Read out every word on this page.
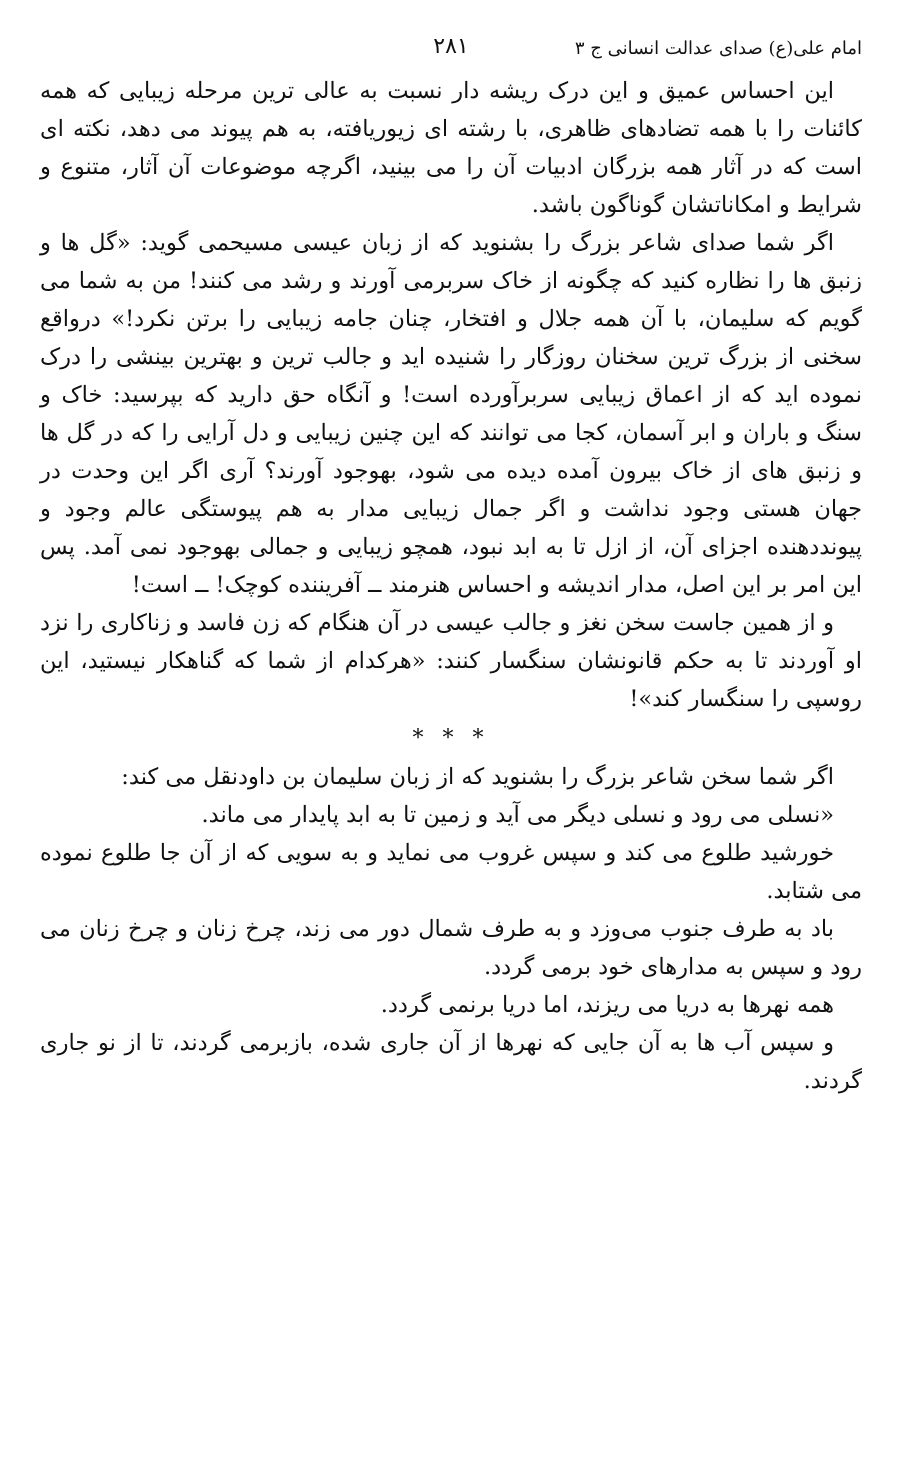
امام علی(ع) صدای عدالت انسانی ج ۳
۲۸۱

این احساس عمیق و این درک ریشه دار نسبت به عالی ترین مرحله زیبایی که همه کائنات را با همه تضادهای ظاهری، با رشته ای زیوریافته، به هم پیوند می دهد، نکته ای است که در آثار همه بزرگان ادبیات آن را می بینید، اگرچه موضوعات آن آثار، متنوع و شرایط و امکاناتشان گوناگون باشد.

اگر شما صدای شاعر بزرگ را بشنوید که از زبان عیسی مسیحمی گوید: «گل ها و زنبق ها را نظاره کنید که چگونه از خاک سربرمی آورند و رشد می کنند! من به شما می گویم که سلیمان، با آن همه جلال و افتخار، چنان جامه زیبایی را برتن نکرد!» درواقع سخنی از بزرگ ترین سخنان روزگار را شنیده اید و جالب ترین و بهترین بینشی را درک نموده اید که از اعماق زیبایی سربرآورده است! و آنگاه حق دارید که بپرسید: خاک و سنگ و باران و ابر آسمان، کجا می توانند که این چنین زیبایی و دل آرایی را که در گل ها و زنبق های از خاک بیرون آمده دیده می شود، بهوجود آورند؟ آری اگر این وحدت در جهان هستی وجود نداشت و اگر جمال زیبایی مدار به هم پیوستگی عالم وجود و پیونددهنده اجزای آن، از ازل تا به ابد نبود، همچو زیبایی و جمالی بهوجود نمی آمد. پس این امر بر این اصل، مدار اندیشه و احساس هنرمند ــ آفریننده کوچک! ــ است!

و از همین جاست سخن نغز و جالب عیسی در آن هنگام که زن فاسد و زناکاری را نزد او آوردند تا به حکم قانونشان سنگسار کنند: «هرکدام از شما که گناهکار نیستید، این روسپی را سنگسار کند»!

* * *

اگر شما سخن شاعر بزرگ را بشنوید که از زبان سلیمان بن داودنقل می کند:

«نسلی می رود و نسلی دیگر می آید و زمین تا به ابد پایدار می ماند.

خورشید طلوع می کند و سپس غروب می نماید و به سویی که از آن جا طلوع نموده می شتابد.

باد به طرف جنوب می‌وزد و به طرف شمال دور می زند، چرخ زنان و چرخ زنان می رود و سپس به مدارهای خود برمی گردد.

همه نهرها به دریا می ریزند، اما دریا برنمی گردد.

و سپس آب ها به آن جایی که نهرها از آن جاری شده، بازبرمی گردند، تا از نو جاری گردند.
